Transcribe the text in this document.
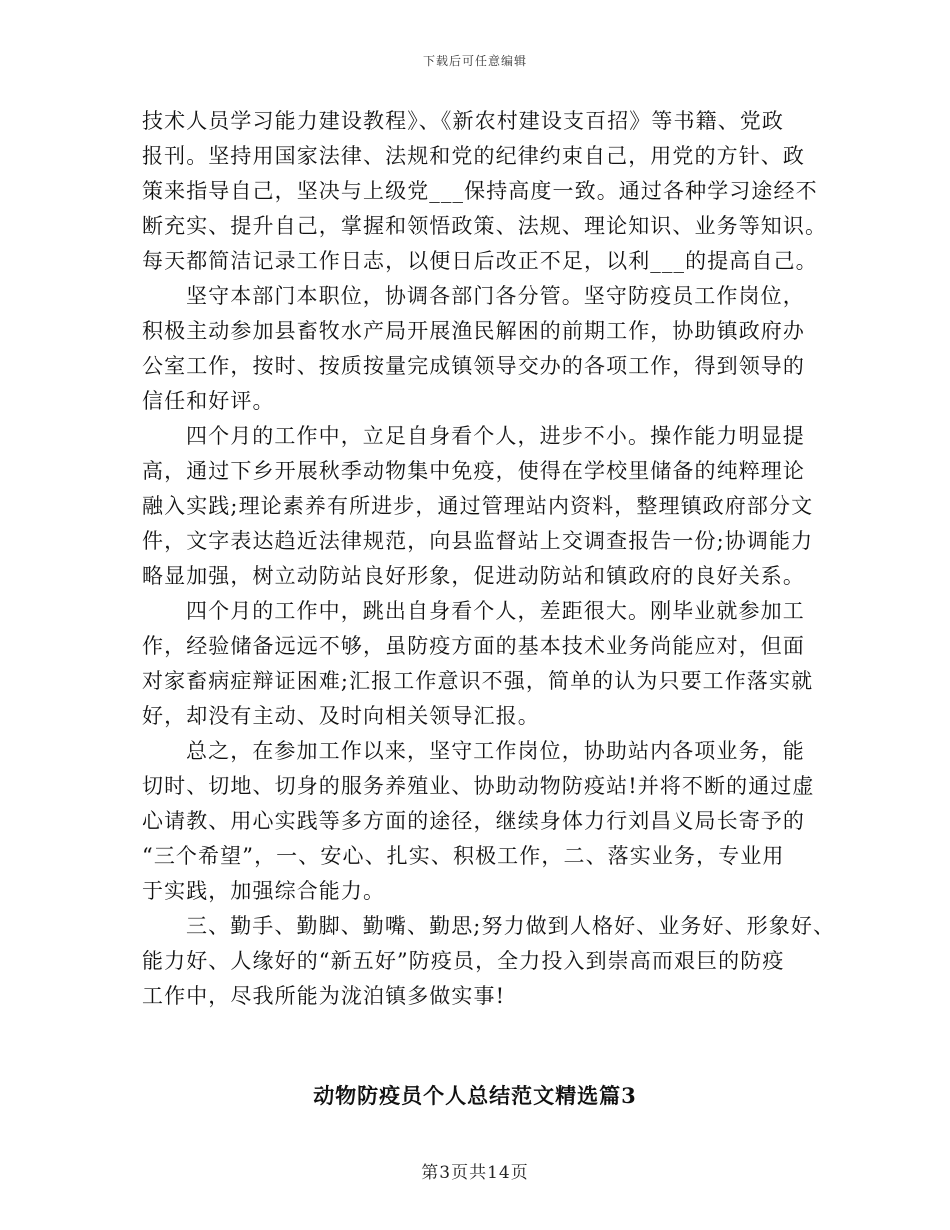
下载后可任意编辑
技术人员学习能力建设教程》、《新农村建设支百招》等书籍、党政
报刊。坚持用国家法律、法规和党的纪律约束自己，用党的方针、政
策来指导自己，坚决与上级党___保持高度一致。通过各种学习途经不
断充实、提升自己，掌握和领悟政策、法规、理论知识、业务等知识。
每天都简洁记录工作日志，以便日后改正不足，以利___的提高自己。
坚守本部门本职位，协调各部门各分管。坚守防疫员工作岗位，
积极主动参加县畜牧水产局开展渔民解困的前期工作，协助镇政府办
公室工作，按时、按质按量完成镇领导交办的各项工作，得到领导的
信任和好评。
四个月的工作中，立足自身看个人，进步不小。操作能力明显提
高，通过下乡开展秋季动物集中免疫，使得在学校里储备的纯粹理论
融入实践;理论素养有所进步，通过管理站内资料，整理镇政府部分文
件，文字表达趋近法律规范，向县监督站上交调查报告一份;协调能力
略显加强，树立动防站良好形象，促进动防站和镇政府的良好关系。
四个月的工作中，跳出自身看个人，差距很大。刚毕业就参加工
作，经验储备远远不够，虽防疫方面的基本技术业务尚能应对，但面
对家畜病症辩证困难;汇报工作意识不强，简单的认为只要工作落实就
好，却没有主动、及时向相关领导汇报。
总之，在参加工作以来，坚守工作岗位，协助站内各项业务，能
切时、切地、切身的服务养殖业、协助动物防疫站!并将不断的通过虚
心请教、用心实践等多方面的途径，继续身体力行刘昌义局长寄予的
“三个希望”，一、安心、扎实、积极工作，二、落实业务，专业用
于实践，加强综合能力。
三、勤手、勤脚、勤嘴、勤思;努力做到人格好、业务好、形象好、
能力好、人缘好的“新五好”防疫员，全力投入到崇高而艰巨的防疫
工作中，尽我所能为泷泊镇多做实事!
动物防疫员个人总结范文精选篇3
第3页共14页
